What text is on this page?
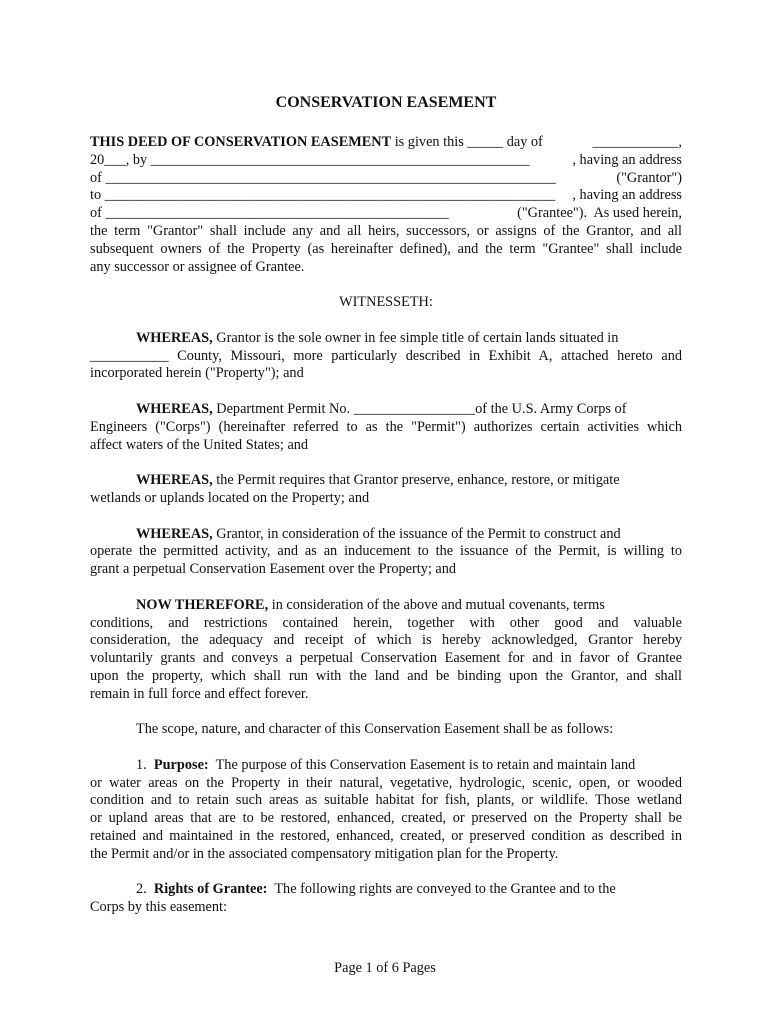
CONSERVATION EASEMENT
THIS DEED OF CONSERVATION EASEMENT is given this _____ day of	____________,
20___, by _____________________________________________________	, having an address
of _______________________________________________________________	("Grantor")
to _______________________________________________________________ , having an address
of ________________________________________________	("Grantee").  As used herein,
the term "Grantor" shall include any and all heirs, successors, or assigns of the Grantor, and all
subsequent owners of the Property (as hereinafter defined), and the term "Grantee" shall include
any successor or assignee of Grantee.
WITNESSETH:
WHEREAS, Grantor is the sole owner in fee simple title of certain lands situated in
___________ County, Missouri, more particularly described in Exhibit A, attached hereto and
incorporated herein ("Property"); and
WHEREAS, Department Permit No. _________________of the U.S. Army Corps of
Engineers ("Corps") (hereinafter referred to as the "Permit") authorizes certain activities which
affect waters of the United States; and
WHEREAS, the Permit requires that Grantor preserve, enhance, restore, or mitigate
wetlands or uplands located on the Property; and
WHEREAS, Grantor, in consideration of the issuance of the Permit to construct and
operate the permitted activity, and as an inducement to the issuance of the Permit, is willing to
grant a perpetual Conservation Easement over the Property; and
NOW THEREFORE, in consideration of the above and mutual covenants, terms
conditions, and restrictions contained herein, together with other good and valuable
consideration, the adequacy and receipt of which is hereby acknowledged, Grantor hereby
voluntarily grants and conveys a perpetual Conservation Easement for and in favor of Grantee
upon the property, which shall run with the land and be binding upon the Grantor, and shall
remain in full force and effect forever.
The scope, nature, and character of this Conservation Easement shall be as follows:
1.  Purpose:  The purpose of this Conservation Easement is to retain and maintain land
or water areas on the Property in their natural, vegetative, hydrologic, scenic, open, or wooded
condition and to retain such areas as suitable habitat for fish, plants, or wildlife. Those wetland
or upland areas that are to be restored, enhanced, created, or preserved on the Property shall be
retained and maintained in the restored, enhanced, created, or preserved condition as described in
the Permit and/or in the associated compensatory mitigation plan for the Property.
2.  Rights of Grantee:  The following rights are conveyed to the Grantee and to the
Corps by this easement:
Page 1 of 6 Pages
